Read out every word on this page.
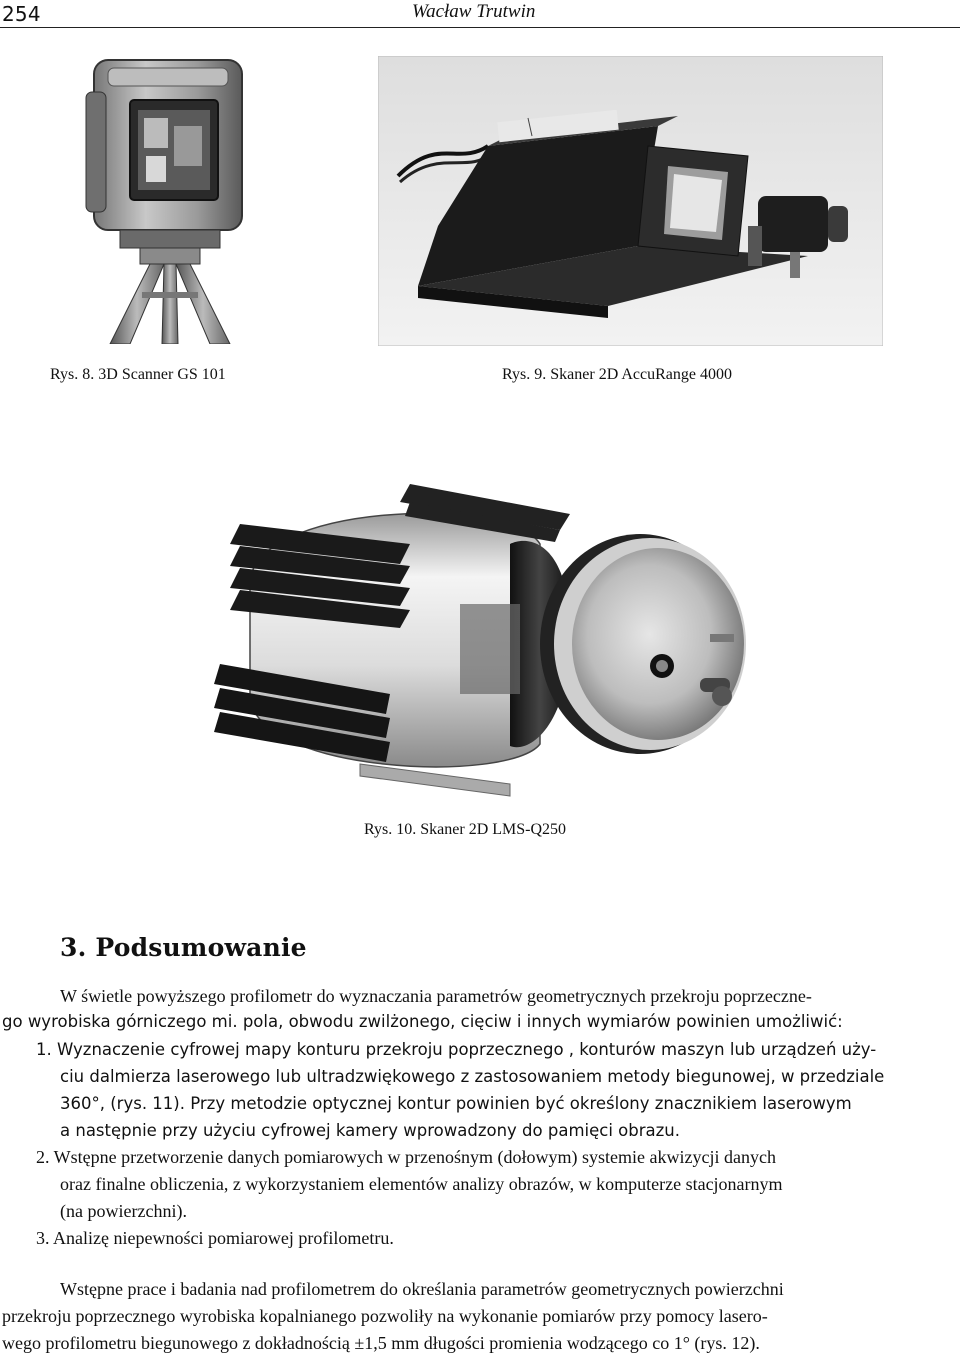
254	Wacław Trutwin
Rys. 8. 3D Scanner GS 101	Rys. 9. Skaner 2D AccuRange 4000
Rys. 10. Skaner 2D LMS-Q250
3. Podsumowanie
W świetle powyższego profilometr do wyznaczania parametrów geometrycznych przekroju poprzeczne-
go wyrobiska górniczego mi. pola, obwodu zwilżonego, cięciw i innych wymiarów powinien umożliwić:
1. Wyznaczenie cyfrowej mapy konturu przekroju poprzecznego , konturów maszyn lub urządzeń uży-
ciu dalmierza laserowego lub ultradzwiękowego z zastosowaniem metody biegunowej, w przedziale
360°, (rys. 11). Przy metodzie optycznej kontur powinien być określony znacznikiem laserowym
a następnie przy użyciu cyfrowej kamery wprowadzony do pamięci obrazu.
2. Wstępne przetworzenie danych pomiarowych w przenośnym (dołowym) systemie akwizycji danych
oraz finalne obliczenia, z wykorzystaniem elementów analizy obrazów, w komputerze stacjonarnym
(na powierzchni).
3. Analizę niepewności pomiarowej profilometru.
Wstępne prace i badania nad profilometrem do określania parametrów geometrycznych powierzchni
przekroju poprzecznego wyrobiska kopalnianego pozwoliły na wykonanie pomiarów przy pomocy lasero-
wego profilometru biegunowego z dokładnością ±1,5 mm długości promienia wodzącego co 1° (rys. 12).
